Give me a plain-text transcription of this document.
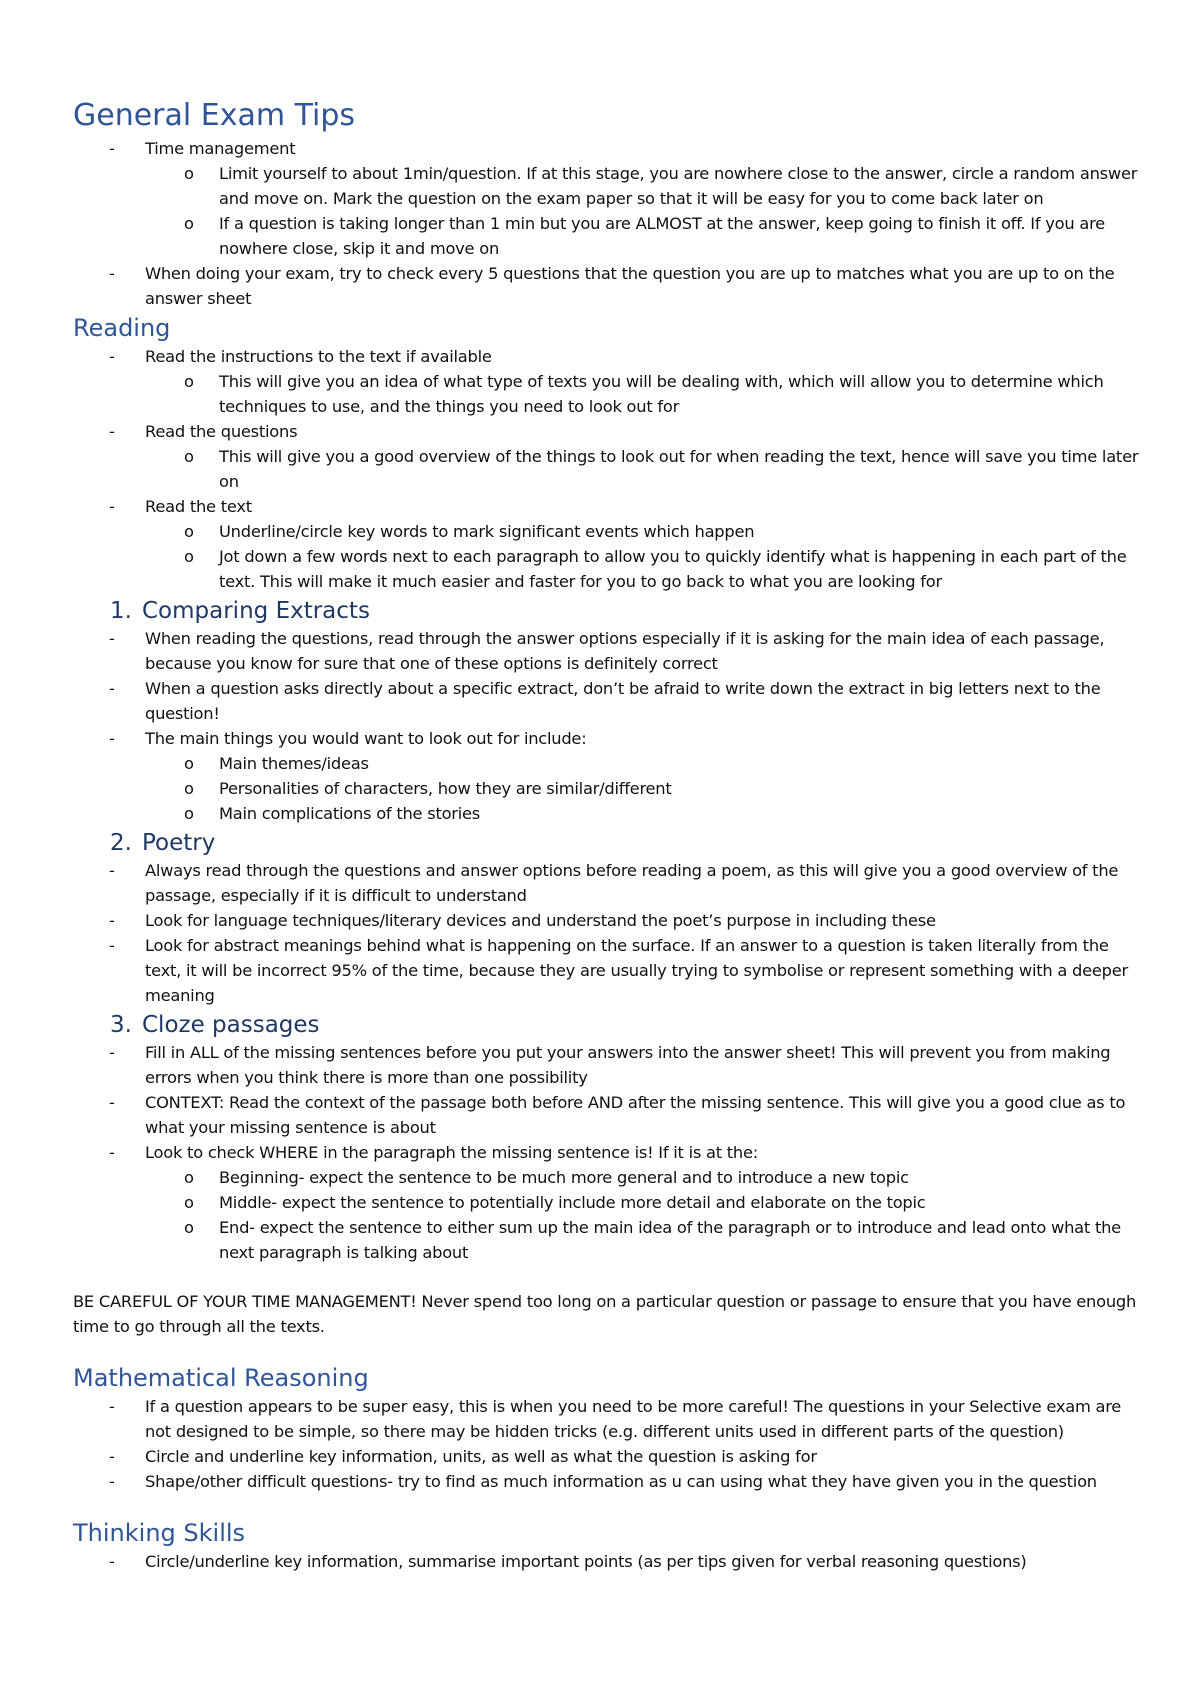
General Exam Tips
-	Time management
o	Limit yourself to about 1min/question. If at this stage, you are nowhere close to the answer, circle a random answer and move on. Mark the question on the exam paper so that it will be easy for you to come back later on
o	If a question is taking longer than 1 min but you are ALMOST at the answer, keep going to finish it off. If you are nowhere close, skip it and move on
-	When doing your exam, try to check every 5 questions that the question you are up to matches what you are up to on the answer sheet
Reading
-	Read the instructions to the text if available
o	This will give you an idea of what type of texts you will be dealing with, which will allow you to determine which techniques to use, and the things you need to look out for
-	Read the questions
o	This will give you a good overview of the things to look out for when reading the text, hence will save you time later on
-	Read the text
o	Underline/circle key words to mark significant events which happen
o	Jot down a few words next to each paragraph to allow you to quickly identify what is happening in each part of the text. This will make it much easier and faster for you to go back to what you are looking for
1. Comparing Extracts
-	When reading the questions, read through the answer options especially if it is asking for the main idea of each passage, because you know for sure that one of these options is definitely correct
-	When a question asks directly about a specific extract, don’t be afraid to write down the extract in big letters next to the question!
-	The main things you would want to look out for include:
o	Main themes/ideas
o	Personalities of characters, how they are similar/different
o	Main complications of the stories
2. Poetry
-	Always read through the questions and answer options before reading a poem, as this will give you a good overview of the passage, especially if it is difficult to understand
-	Look for language techniques/literary devices and understand the poet’s purpose in including these
-	Look for abstract meanings behind what is happening on the surface. If an answer to a question is taken literally from the text, it will be incorrect 95% of the time, because they are usually trying to symbolise or represent something with a deeper meaning
3. Cloze passages
-	Fill in ALL of the missing sentences before you put your answers into the answer sheet! This will prevent you from making errors when you think there is more than one possibility
-	CONTEXT: Read the context of the passage both before AND after the missing sentence. This will give you a good clue as to what your missing sentence is about
-	Look to check WHERE in the paragraph the missing sentence is! If it is at the:
o	Beginning- expect the sentence to be much more general and to introduce a new topic
o	Middle- expect the sentence to potentially include more detail and elaborate on the topic
o	End- expect the sentence to either sum up the main idea of the paragraph or to introduce and lead onto what the next paragraph is talking about

BE CAREFUL OF YOUR TIME MANAGEMENT! Never spend too long on a particular question or passage to ensure that you have enough time to go through all the texts.

Mathematical Reasoning
-	If a question appears to be super easy, this is when you need to be more careful! The questions in your Selective exam are not designed to be simple, so there may be hidden tricks (e.g. different units used in different parts of the question)
-	Circle and underline key information, units, as well as what the question is asking for
-	Shape/other difficult questions- try to find as much information as u can using what they have given you in the question
Thinking Skills
-	Circle/underline key information, summarise important points (as per tips given for verbal reasoning questions)
